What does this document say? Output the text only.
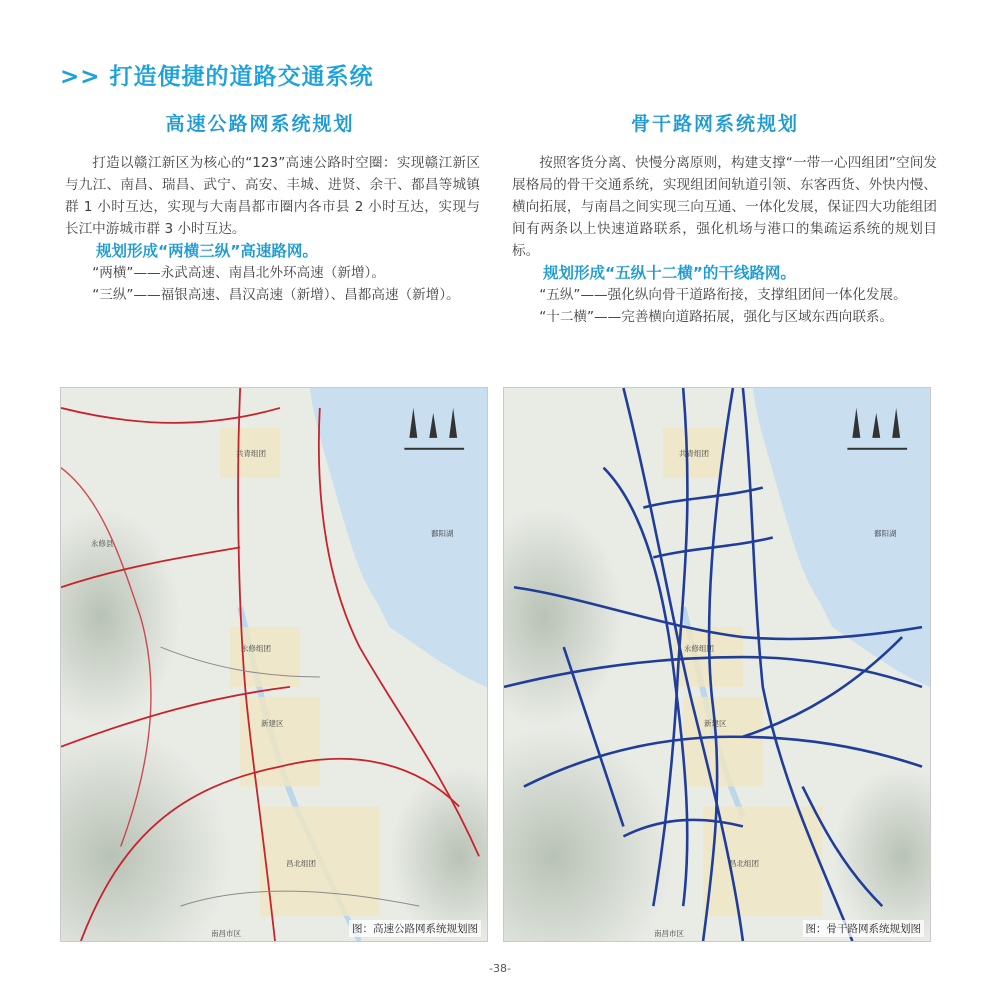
>> 打造便捷的道路交通系统
高速公路网系统规划	骨干路网系统规划

打造以赣江新区为核心的“123”高速公路时空圈：实现赣江新区与九江、南昌、瑞昌、武宁、高安、丰城、进贤、余干、都昌等城镇群 1 小时互达，实现与大南昌都市圈内各市县 2 小时互达，实现与长江中游城市群 3 小时互达。

规划形成“两横三纵”高速路网。
“两横”——永武高速、南昌北外环高速（新增）。
“三纵”——福银高速、昌汉高速（新增）、昌都高速（新增）。

按照客货分离、快慢分离原则，构建支撑“一带一心四组团”空间发展格局的骨干交通系统，实现组团间轨道引领、东客西货、外快内慢、横向拓展，与南昌之间实现三向互通、一体化发展，保证四大功能组团间有两条以上快速道路联系，强化机场与港口的集疏运系统的规划目标。

规划形成“五纵十二横”的干线路网。
“五纵”——强化纵向骨干道路衔接，支撑组团间一体化发展。
“十二横”——完善横向道路拓展，强化与区域东西向联系。
共青组团
永修组团
新建区
鄱阳湖
昌北组团
永修县
南昌市区	图：高速公路网系统规划图
共青组团
永修组团
新建区
鄱阳湖
昌北组团
南昌市区	图：骨干路网系统规划图
-38-
